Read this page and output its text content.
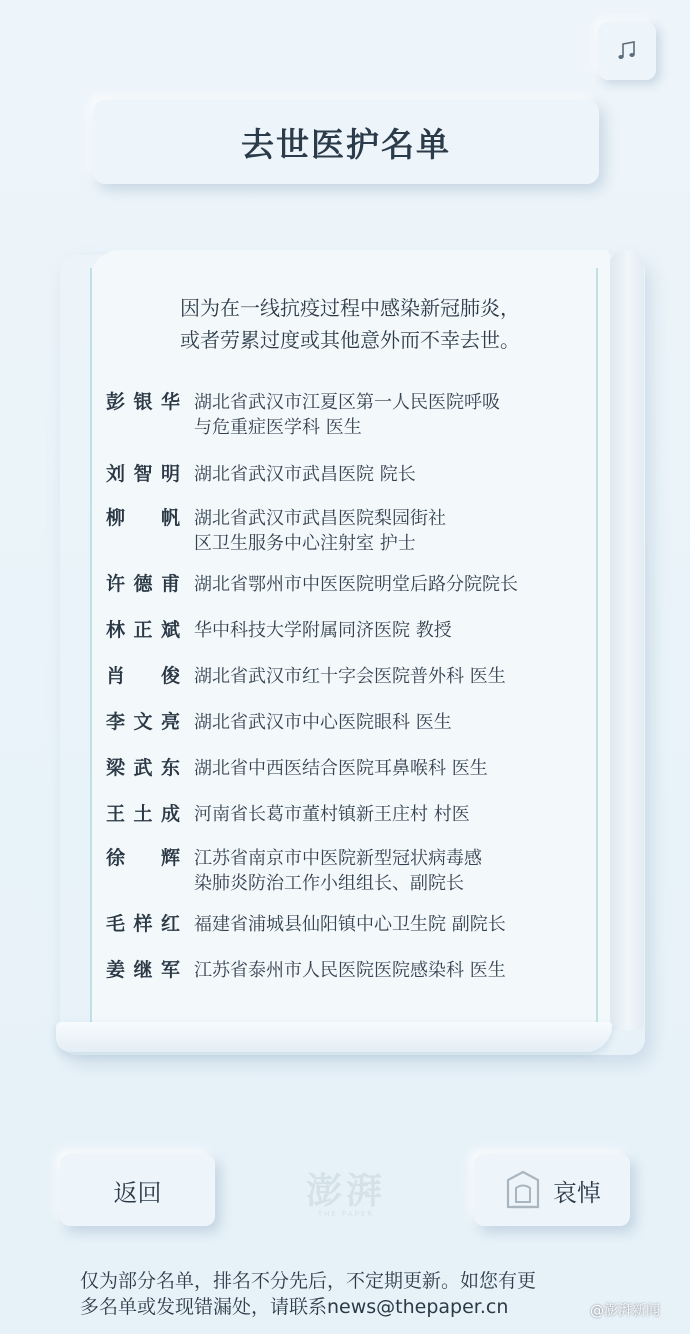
去世医护名单
因为在一线抗疫过程中感染新冠肺炎，
或者劳累过度或其他意外而不幸去世。
彭银华 湖北省武汉市江夏区第一人民医院呼吸
与危重症医学科 医生
刘智明 湖北省武汉市武昌医院 院长
柳　帆 湖北省武汉市武昌医院梨园街社
区卫生服务中心注射室 护士
许德甫 湖北省鄂州市中医医院明堂后路分院院长
林正斌 华中科技大学附属同济医院 教授
肖　俊 湖北省武汉市红十字会医院普外科 医生
李文亮 湖北省武汉市中心医院眼科 医生
梁武东 湖北省中西医结合医院耳鼻喉科 医生
王土成 河南省长葛市董村镇新王庄村 村医
徐　辉 江苏省南京市中医院新型冠状病毒感
染肺炎防治工作小组组长、副院长
毛样红 福建省浦城县仙阳镇中心卫生院 副院长
姜继军 江苏省泰州市人民医院医院感染科 医生
返回	澎湃
THE PAPER
哀悼
仅为部分名单，排名不分先后，不定期更新。如您有更
多名单或发现错漏处，请联系news@thepaper.cn	@澎湃新闻
